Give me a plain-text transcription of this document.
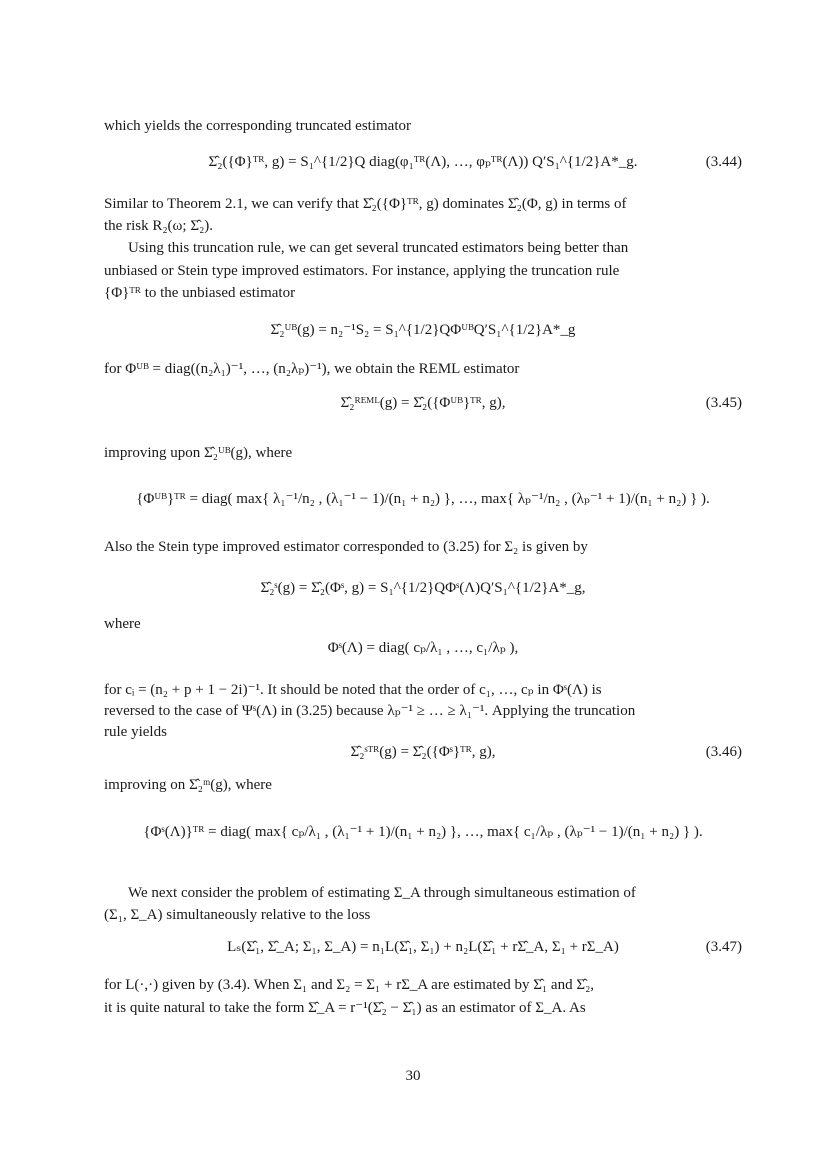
which yields the corresponding truncated estimator
Σ̂₂({Φ}ᵀᴿ, g) = S₁^{1/2}Q diag(φ₁ᵀᴿ(Λ), …, φₚᵀᴿ(Λ)) Q′S₁^{1/2}A*_g.	(3.44)
Similar to Theorem 2.1, we can verify that Σ̂₂({Φ}ᵀᴿ, g) dominates Σ̂₂(Φ, g) in terms of
the risk R₂(ω; Σ̂₂).
Using this truncation rule, we can get several truncated estimators being better than
unbiased or Stein type improved estimators. For instance, applying the truncation rule
{Φ}ᵀᴿ to the unbiased estimator
Σ̂₂ᵁᴮ(g) = n₂⁻¹S₂ = S₁^{1/2}QΦᵁᴮQ′S₁^{1/2}A*_g
for Φᵁᴮ = diag((n₂λ₁)⁻¹, …, (n₂λₚ)⁻¹), we obtain the REML estimator
Σ̂₂ᴿᴱᴹᴸ(g) = Σ̂₂({Φᵁᴮ}ᵀᴿ, g),	(3.45)
improving upon Σ̂₂ᵁᴮ(g), where
{Φᵁᴮ}ᵀᴿ = diag( max{ λ₁⁻¹/n₂ , (λ₁⁻¹ − 1)/(n₁ + n₂) }, …, max{ λₚ⁻¹/n₂ , (λₚ⁻¹ + 1)/(n₁ + n₂) } ).
Also the Stein type improved estimator corresponded to (3.25) for Σ₂ is given by
Σ̂₂ˢ(g) = Σ̂₂(Φˢ, g) = S₁^{1/2}QΦˢ(Λ)Q′S₁^{1/2}A*_g,
where
Φˢ(Λ) = diag( cₚ/λ₁ , …, c₁/λₚ ),
for cᵢ = (n₂ + p + 1 − 2i)⁻¹. It should be noted that the order of c₁, …, cₚ in Φˢ(Λ) is
reversed to the case of Ψˢ(Λ) in (3.25) because λₚ⁻¹ ≥ … ≥ λ₁⁻¹. Applying the truncation
rule yields
Σ̂₂ˢᵀᴿ(g) = Σ̂₂({Φˢ}ᵀᴿ, g),	(3.46)
improving on Σ̂₂ᵐ(g), where
{Φˢ(Λ)}ᵀᴿ = diag( max{ cₚ/λ₁ , (λ₁⁻¹ + 1)/(n₁ + n₂) }, …, max{ c₁/λₚ , (λₚ⁻¹ − 1)/(n₁ + n₂) } ).
We next consider the problem of estimating Σ_A through simultaneous estimation of
(Σ₁, Σ_A) simultaneously relative to the loss
Lₛ(Σ̂₁, Σ̂_A; Σ₁, Σ_A) = n₁L(Σ̂₁, Σ₁) + n₂L(Σ̂₁ + rΣ̂_A, Σ₁ + rΣ_A)	(3.47)
for L(·,·) given by (3.4). When Σ₁ and Σ₂ = Σ₁ + rΣ_A are estimated by Σ̂₁ and Σ̂₂,
it is quite natural to take the form Σ̂_A = r⁻¹(Σ̂₂ − Σ̂₁) as an estimator of Σ_A. As
30
